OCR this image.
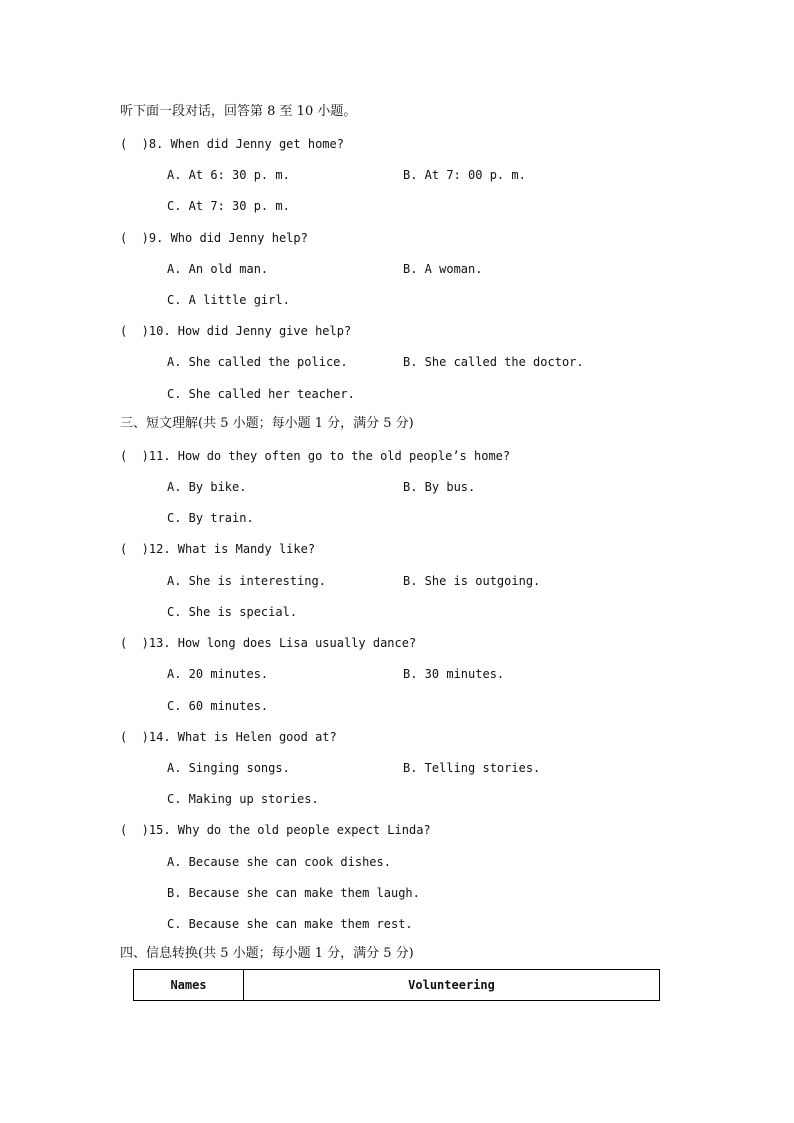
听下面一段对话，回答第 8 至 10 小题。
(  )8. When did Jenny get home?
A. At 6: 30 p. m.	B. At 7: 00 p. m.
C. At 7: 30 p. m.
(  )9. Who did Jenny help?
A. An old man.	B. A woman.
C. A little girl.
(  )10. How did Jenny give help?
A. She called the police.	B. She called the doctor.
C. She called her teacher.
三、短文理解(共 5 小题；每小题 1 分，满分 5 分)
(  )11. How do they often go to the old people’s home?
A. By bike.	B. By bus.
C. By train.
(  )12. What is Mandy like?
A. She is interesting.	B. She is outgoing.
C. She is special.
(  )13. How long does Lisa usually dance?
A. 20 minutes.	B. 30 minutes.
C. 60 minutes.
(  )14. What is Helen good at?
A. Singing songs.	B. Telling stories.
C. Making up stories.
(  )15. Why do the old people expect Linda?
A. Because she can cook dishes.
B. Because she can make them laugh.
C. Because she can make them rest.
四、信息转换(共 5 小题；每小题 1 分，满分 5 分)
Names	Volunteering
